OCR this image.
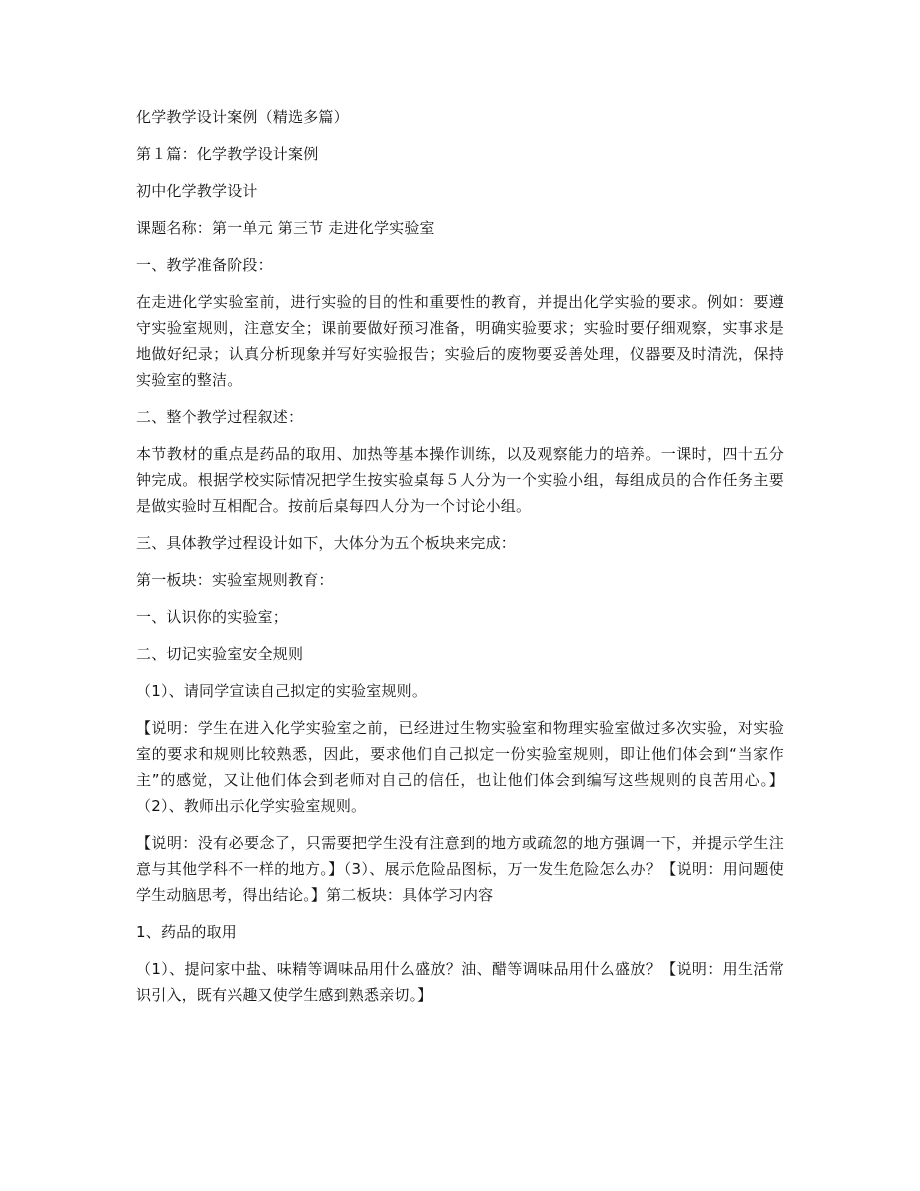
化学教学设计案例（精选多篇）

第１篇：化学教学设计案例

初中化学教学设计

课题名称：第一单元 第三节 走进化学实验室

一、教学准备阶段：

在走进化学实验室前，进行实验的目的性和重要性的教育，并提出化学实验的要求。例如：要遵守实验室规则，注意安全；课前要做好预习准备，明确实验要求；实验时要仔细观察，实事求是地做好纪录；认真分析现象并写好实验报告；实验后的废物要妥善处理，仪器要及时清洗，保持实验室的整洁。

二、整个教学过程叙述：

本节教材的重点是药品的取用、加热等基本操作训练，以及观察能力的培养。一课时，四十五分钟完成。根据学校实际情况把学生按实验桌每５人分为一个实验小组，每组成员的合作任务主要是做实验时互相配合。按前后桌每四人分为一个讨论小组。

三、具体教学过程设计如下，大体分为五个板块来完成：

第一板块：实验室规则教育：

一、认识你的实验室；

二、切记实验室安全规则

（1）、请同学宣读自己拟定的实验室规则。

【说明：学生在进入化学实验室之前，已经进过生物实验室和物理实验室做过多次实验，对实验室的要求和规则比较熟悉，因此，要求他们自己拟定一份实验室规则，即让他们体会到“当家作主”的感觉，又让他们体会到老师对自己的信任，也让他们体会到编写这些规则的良苦用心。】（2）、教师出示化学实验室规则。

【说明：没有必要念了，只需要把学生没有注意到的地方或疏忽的地方强调一下，并提示学生注意与其他学科不一样的地方。】（3）、展示危险品图标，万一发生危险怎么办？【说明：用问题使学生动脑思考，得出结论。】第二板块：具体学习内容

1、药品的取用

（1）、提问家中盐、味精等调味品用什么盛放？油、醋等调味品用什么盛放？【说明：用生活常识引入，既有兴趣又使学生感到熟悉亲切。】
